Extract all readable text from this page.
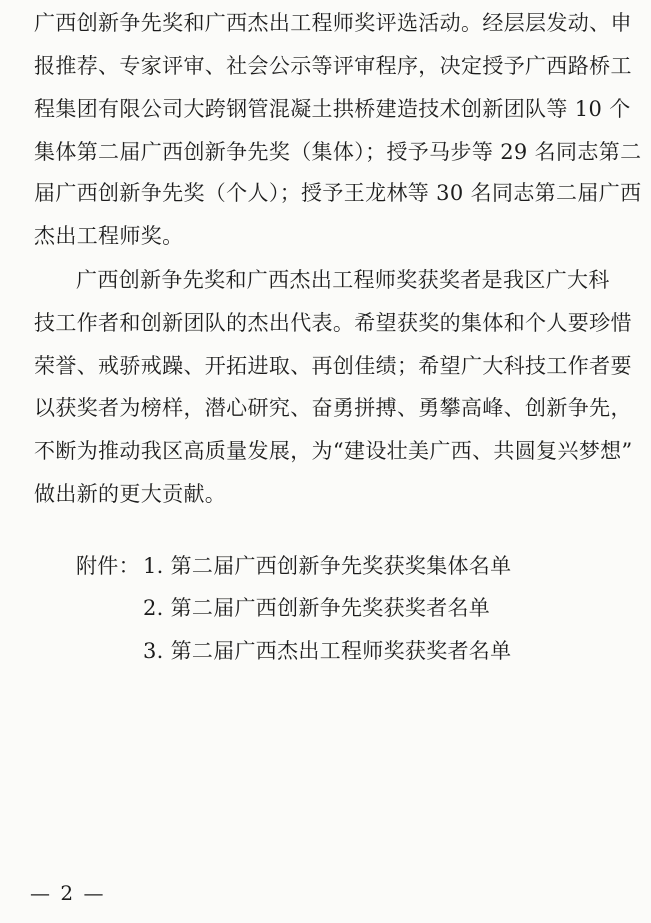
广西创新争先奖和广西杰出工程师奖评选活动。经层层发动、申
报推荐、专家评审、社会公示等评审程序，决定授予广西路桥工
程集团有限公司大跨钢管混凝土拱桥建造技术创新团队等 10 个
集体第二届广西创新争先奖（集体）；授予马步等 29 名同志第二
届广西创新争先奖（个人）；授予王龙林等 30 名同志第二届广西
杰出工程师奖。
广西创新争先奖和广西杰出工程师奖获奖者是我区广大科
技工作者和创新团队的杰出代表。希望获奖的集体和个人要珍惜
荣誉、戒骄戒躁、开拓进取、再创佳绩；希望广大科技工作者要
以获奖者为榜样，潜心研究、奋勇拼搏、勇攀高峰、创新争先，
不断为推动我区高质量发展，为“建设壮美广西、共圆复兴梦想”
做出新的更大贡献。
附件： 1. 第二届广西创新争先奖获奖集体名单
2. 第二届广西创新争先奖获奖者名单
3. 第二届广西杰出工程师奖获奖者名单
— 2 —
